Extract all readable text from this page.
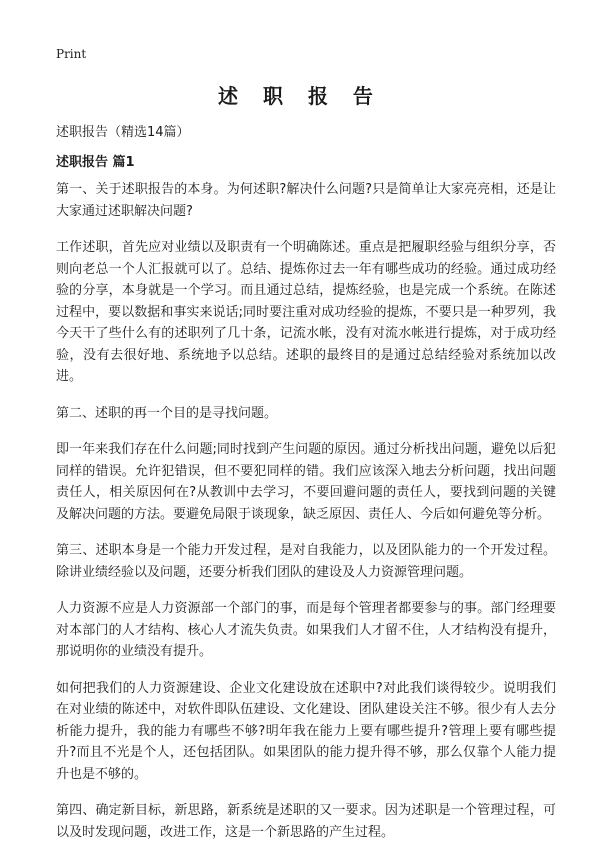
Print
述 职 报 告

述职报告（精选14篇）

述职报告 篇1

第一、关于述职报告的本身。为何述职?解决什么问题?只是简单让大家亮亮相，还是让大家通过述职解决问题?

工作述职，首先应对业绩以及职责有一个明确陈述。重点是把履职经验与组织分享，否则向老总一个人汇报就可以了。总结、提炼你过去一年有哪些成功的经验。通过成功经验的分享，本身就是一个学习。而且通过总结，提炼经验，也是完成一个系统。在陈述过程中，要以数据和事实来说话;同时要注重对成功经验的提炼，不要只是一种罗列，我今天干了些什么有的述职列了几十条，记流水帐，没有对流水帐进行提炼，对于成功经验，没有去很好地、系统地予以总结。述职的最终目的是通过总结经验对系统加以改进。

第二、述职的再一个目的是寻找问题。

即一年来我们存在什么问题;同时找到产生问题的原因。通过分析找出问题，避免以后犯同样的错误。允许犯错误，但不要犯同样的错。我们应该深入地去分析问题，找出问题责任人，相关原因何在?从教训中去学习，不要回避问题的责任人，要找到问题的关键及解决问题的方法。要避免局限于谈现象，缺乏原因、责任人、今后如何避免等分析。

第三、述职本身是一个能力开发过程，是对自我能力，以及团队能力的一个开发过程。除讲业绩经验以及问题，还要分析我们团队的建设及人力资源管理问题。

人力资源不应是人力资源部一个部门的事，而是每个管理者都要参与的事。部门经理要对本部门的人才结构、核心人才流失负责。如果我们人才留不住，人才结构没有提升，那说明你的业绩没有提升。

如何把我们的人力资源建设、企业文化建设放在述职中?对此我们谈得较少。说明我们在对业绩的陈述中，对软件即队伍建设、文化建设、团队建设关注不够。很少有人去分析能力提升，我的能力有哪些不够?明年我在能力上要有哪些提升?管理上要有哪些提升?而且不光是个人，还包括团队。如果团队的能力提升得不够，那么仅靠个人能力提升也是不够的。

第四、确定新目标，新思路，新系统是述职的又一要求。因为述职是一个管理过程，可以及时发现问题，改进工作，这是一个新思路的产生过程。
